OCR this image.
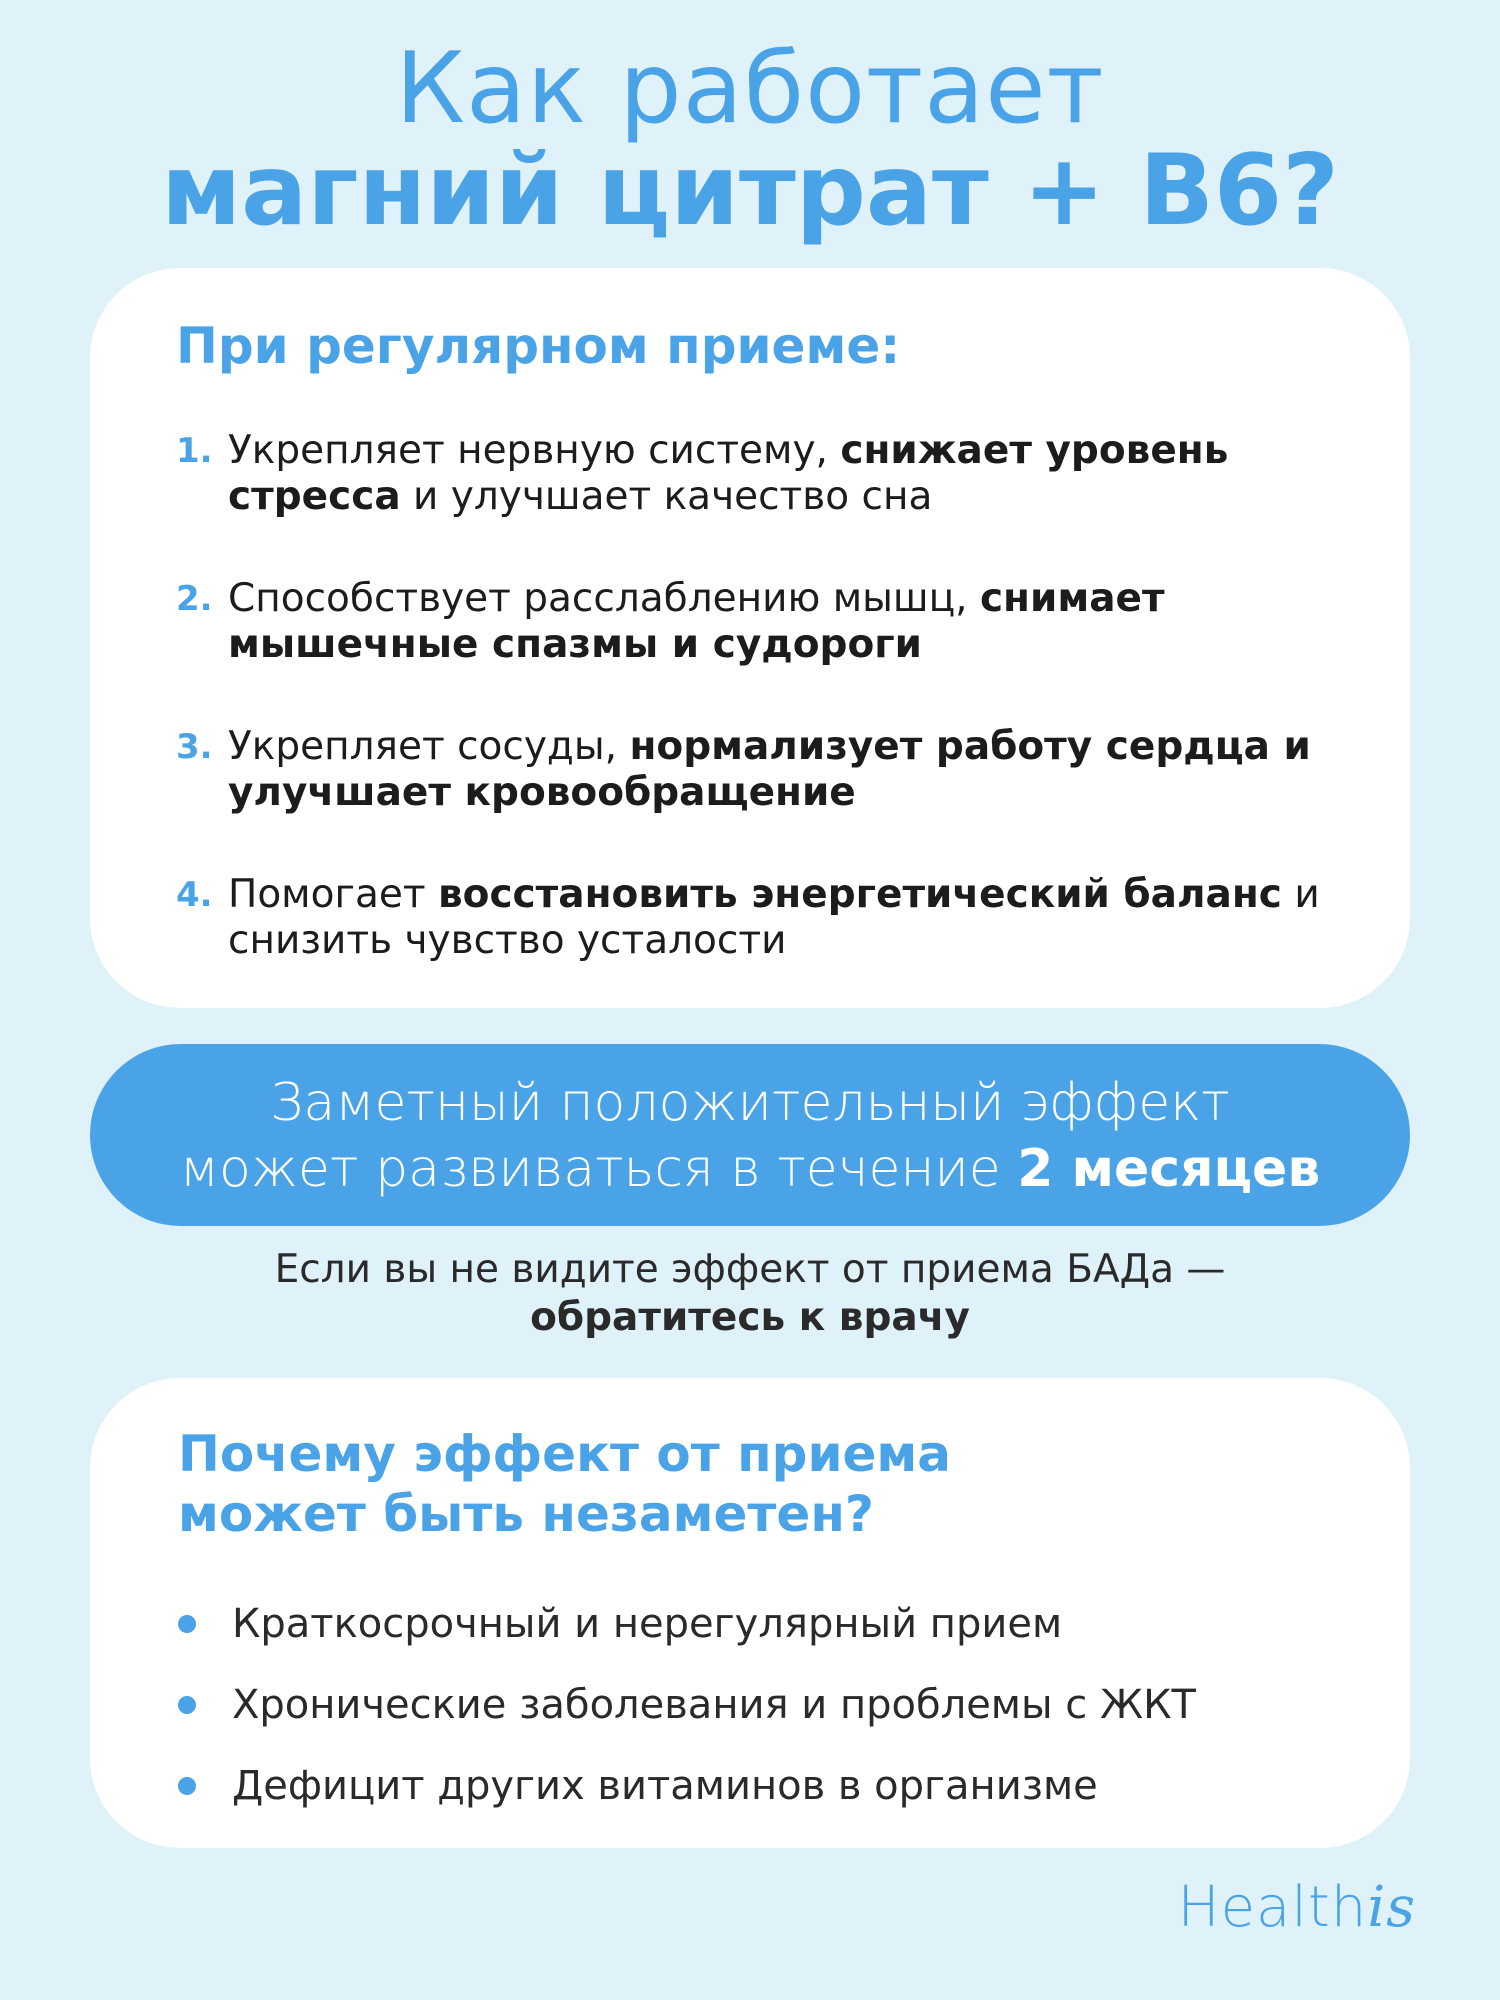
Как работает
магний цитрат + В6?
При регулярном приеме:
1. Укрепляет нервную систему, снижает уровень стресса и улучшает качество сна
2. Способствует расслаблению мышц, снимает мышечные спазмы и судороги
3. Укрепляет сосуды, нормализует работу сердца и улучшает кровообращение
4. Помогает восстановить энергетический баланс и снизить чувство усталости
Заметный положительный эффект
может развиваться в течение 2 месяцев
Если вы не видите эффект от приема БАДа —
обратитесь к врачу
Почему эффект от приема
может быть незаметен?
Краткосрочный и нерегулярный прием
Хронические заболевания и проблемы с ЖКТ
Дефицит других витаминов в организме
Healthis
